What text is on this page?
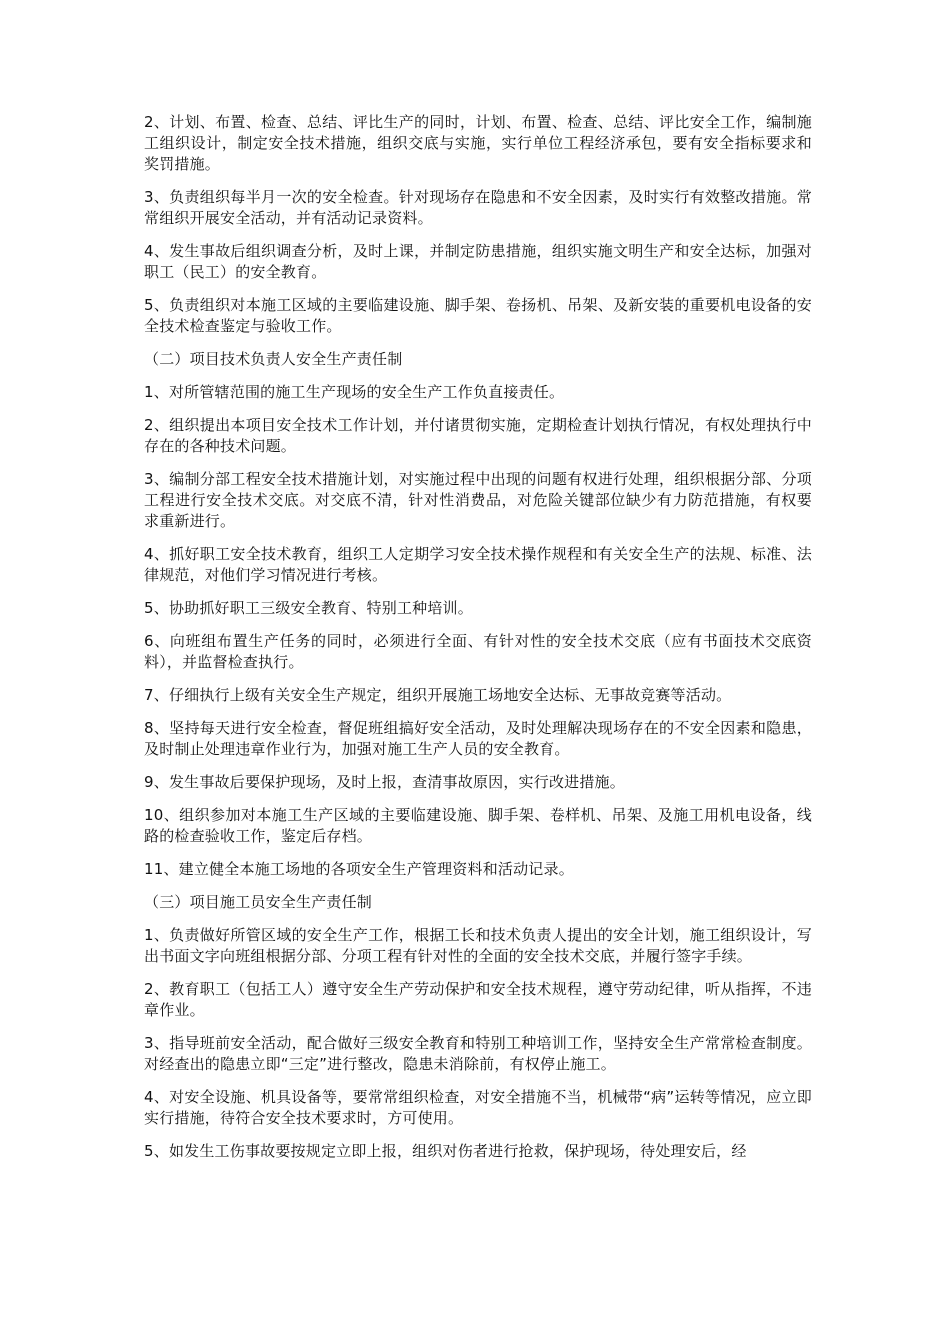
2、计划、布置、检查、总结、评比生产的同时，计划、布置、检查、总结、评比安全工作，编制施工组织设计，制定安全技术措施，组织交底与实施，实行单位工程经济承包，要有安全指标要求和奖罚措施。

3、负责组织每半月一次的安全检查。针对现场存在隐患和不安全因素，及时实行有效整改措施。常常组织开展安全活动，并有活动记录资料。

4、发生事故后组织调查分析，及时上课，并制定防患措施，组织实施文明生产和安全达标，加强对职工（民工）的安全教育。

5、负责组织对本施工区域的主要临建设施、脚手架、卷扬机、吊架、及新安装的重要机电设备的安全技术检查鉴定与验收工作。

（二）项目技术负责人安全生产责任制

1、对所管辖范围的施工生产现场的安全生产工作负直接责任。

2、组织提出本项目安全技术工作计划，并付诸贯彻实施，定期检查计划执行情况，有权处理执行中存在的各种技术问题。

3、编制分部工程安全技术措施计划，对实施过程中出现的问题有权进行处理，组织根据分部、分项工程进行安全技术交底。对交底不清，针对性消费品，对危险关键部位缺少有力防范措施，有权要求重新进行。

4、抓好职工安全技术教育，组织工人定期学习安全技术操作规程和有关安全生产的法规、标准、法律规范，对他们学习情况进行考核。

5、协助抓好职工三级安全教育、特别工种培训。

6、向班组布置生产任务的同时，必须进行全面、有针对性的安全技术交底（应有书面技术交底资料），并监督检查执行。

7、仔细执行上级有关安全生产规定，组织开展施工场地安全达标、无事故竞赛等活动。

8、坚持每天进行安全检查，督促班组搞好安全活动，及时处理解决现场存在的不安全因素和隐患，及时制止处理违章作业行为，加强对施工生产人员的安全教育。

9、发生事故后要保护现场，及时上报，查清事故原因，实行改进措施。

10、组织参加对本施工生产区域的主要临建设施、脚手架、卷样机、吊架、及施工用机电设备，线路的检查验收工作，鉴定后存档。

11、建立健全本施工场地的各项安全生产管理资料和活动记录。

（三）项目施工员安全生产责任制

1、负责做好所管区域的安全生产工作，根据工长和技术负责人提出的安全计划，施工组织设计，写出书面文字向班组根据分部、分项工程有针对性的全面的安全技术交底，并履行签字手续。

2、教育职工（包括工人）遵守安全生产劳动保护和安全技术规程，遵守劳动纪律，听从指挥，不违章作业。

3、指导班前安全活动，配合做好三级安全教育和特别工种培训工作，坚持安全生产常常检查制度。对经查出的隐患立即“三定”进行整改，隐患未消除前，有权停止施工。

4、对安全设施、机具设备等，要常常组织检查，对安全措施不当，机械带“病”运转等情况，应立即实行措施，待符合安全技术要求时，方可使用。

5、如发生工伤事故要按规定立即上报，组织对伤者进行抢救，保护现场，待处理安后，经
